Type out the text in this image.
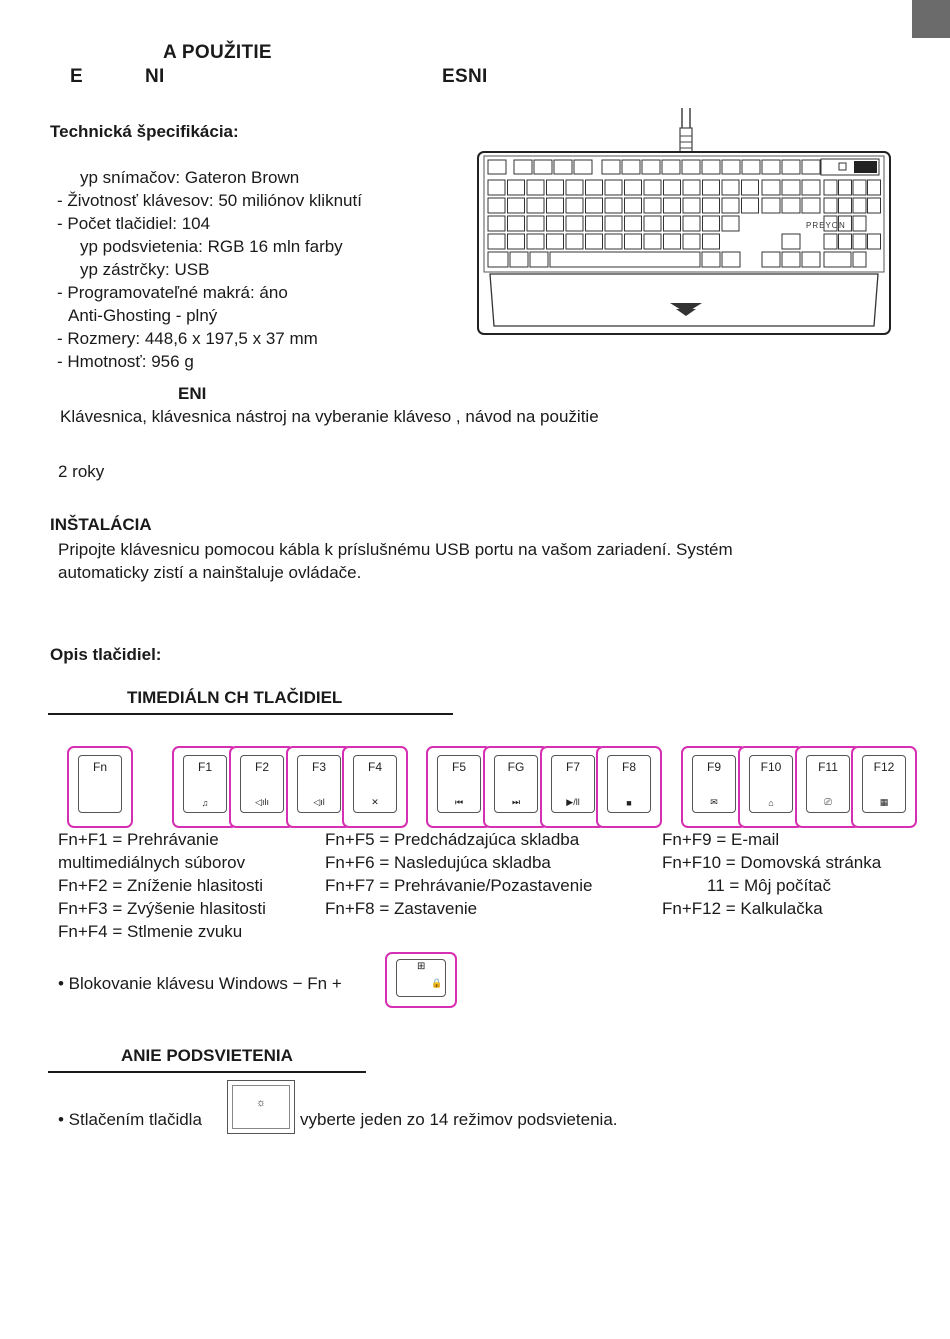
A POUŽITIE
E	NI	ESNI
Technická špecifikácia:
yp snímačov: Gateron Brown
- Životnosť klávesov: 50 miliónov kliknutí
- Počet tlačidiel: 104
yp podsvietenia: RGB 16 mln farby
yp zástrčky: USB
- Programovateľné makrá: áno
Anti-Ghosting - plný
- Rozmery: 448,6 x 197,5 x 37 mm
- Hmotnosť: 956 g
PREYON
ENI
Klávesnica, klávesnica nástroj na vyberanie kláveso , návod na použitie
2 roky
INŠTALÁCIA
Pripojte klávesnicu pomocou kábla k príslušnému USB portu na vašom zariadení. Systém
automaticky zistí a nainštaluje ovládače.
Opis tlačidiel:
TIMEDIÁLN CH TLAČIDIEL
Fn	F1
♫
F2
◁ılı
F3
◁ıl
F4
✕
F5
⏮
FG
⏭
F7
▶/ll
F8
■
F9
✉
F10
⌂
F11
⎚
F12
▦
Fn+F1 = Prehrávanie
multimediálnych súborov
Fn+F2 = Zníženie hlasitosti
Fn+F3 = Zvýšenie hlasitosti
Fn+F4 = Stlmenie zvuku
Fn+F5 = Predchádzajúca skladba
Fn+F6 = Nasledujúca skladba
Fn+F7 = Prehrávanie/Pozastavenie
Fn+F8 = Zastavenie
Fn+F9 = E-mail
Fn+F10 = Domovská stránka
11 = Môj počítač
Fn+F12 = Kalkulačka
• Blokovanie klávesu Windows − Fn +
⊞
🔒
ANIE PODSVIETENIA
• Stlačením tlačidla
☼
vyberte jeden zo 14 režimov podsvietenia.
